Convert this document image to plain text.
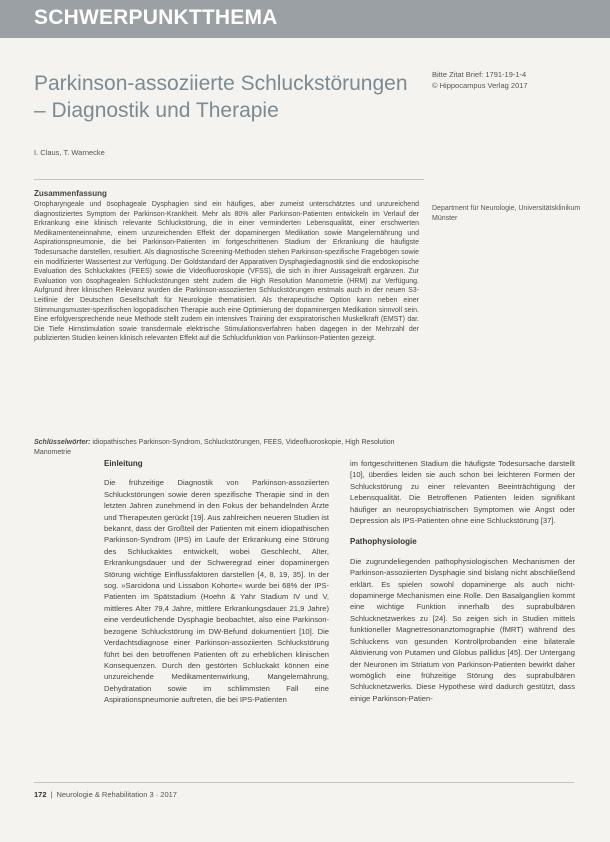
SCHWERPUNKTTHEMA
Parkinson-assoziierte Schluckstörungen – Diagnostik und Therapie
Bitte Zitat Brief: 1791-19-1-4
© Hippocampus Verlag 2017
I. Claus, T. Warnecke
Department für Neurologie, Universitätsklinikum Münster
Zusammenfassung
Oropharyngeale und ösophageale Dysphagien sind ein häufiges, aber zumeist unterschätztes und unzureichend diagnostiziertes Symptom der Parkinson-Krankheit. Mehr als 80% aller Parkinson-Patienten entwickeln im Verlauf der Erkrankung eine klinisch relevante Schluckstörung, die in einer verminderten Lebensqualität, einer erschwerten Medikamenteneinnahme, einem unzureichenden Effekt der dopaminergen Medikation sowie Mangelernährung und Aspirationspneumonie, die bei Parkinson-Patienten im fortgeschrittenen Stadium der Erkrankung die häufigste Todesursache darstellen, resultiert. Als diagnostische Screening-Methoden stehen Parkinson-spezifische Fragebögen sowie ein modifizierter Wassertest zur Verfügung. Der Goldstandard der Apparativen Dysphagiediagnostik sind die endoskopische Evaluation des Schluckaktes (FEES) sowie die Videofluoroskopie (VFSS), die sich in ihrer Aussagekraft ergänzen. Zur Evaluation von ösophagealen Schluckstörungen steht zudem die High Resolution Manometrie (HRM) zur Verfügung. Aufgrund ihrer klinischen Relevanz wurden die Parkinson-assoziierten Schluckstörungen erstmals auch in der neuen S3-Leitlinie der Deutschen Gesellschaft für Neurologie thematisiert. Als therapeutische Option kann neben einer Stimmungsmuster-spezifischen logopädischen Therapie auch eine Optimierung der dopaminergen Medikation sinnvoll sein. Eine erfolgversprechende neue Methode stellt zudem ein intensives Training der exspiratorischen Muskelkraft (EMST) dar. Die Tiefe Hirnstimulation sowie transdermale elektrische Stimulationsverfahren haben dagegen in der Mehrzahl der publizierten Studien keinen klinisch relevanten Effekt auf die Schluckfunktion von Parkinson-Patienten gezeigt.
Schlüsselwörter: idiopathisches Parkinson-Syndrom, Schluckstörungen, FEES, Videofluoroskopie, High Resolution Manometrie
Einleitung

Die frühzeitige Diagnostik von Parkinson-assoziierten Schluckstörungen sowie deren spezifische Therapie sind in den letzten Jahren zunehmend in den Fokus der behandelnden Ärzte und Therapeuten gerückt [19]. Aus zahlreichen neueren Studien ist bekannt, dass der Großteil der Patienten mit einem idiopathischen Parkinson-Syndrom (IPS) im Laufe der Erkrankung eine Störung des Schluckaktes entwickelt, wobei Geschlecht, Alter, Erkrankungsdauer und der Schweregrad einer dopaminergen Störung wichtige Einflussfaktoren darstellen [4, 8, 19, 35]. In der sog. »Sarcidona und Lissabon Kohorte« wurde bei 68% der IPS-Patienten im Spätstadium (Hoehn & Yahr Stadium IV und V, mittleres Alter 79,4 Jahre, mittlere Erkrankungsdauer 21,9 Jahre) eine verdeutlichende Dysphagie beobachtet, also eine Parkinson-bezogene Schluckstörung im DW-Befund dokumentiert [10]. Die Verdachtsdiagnose einer Parkinson-assoziierten Schluckstörung führt bei den betroffenen Patienten oft zu erheblichen klinischen Konsequenzen. Durch den gestörten Schluckakt können eine unzureichende Medikamentenwirkung, Mangelernährung, Dehydratation sowie im schlimmsten Fall eine Aspirationspneumonie auftreten, die bei IPS-Patienten

im fortgeschrittenen Stadium die häufigste Todesursache darstellt [10], überdies leiden sie auch schon bei leichteren Formen der Schluckstörung zu einer relevanten Beeinträchtigung der Lebensqualität. Die Betroffenen Patienten leiden signifikant häufiger an neuropsychiatrischen Symptomen wie Angst oder Depression als IPS-Patienten ohne eine Schluckstörung [37].

Pathophysiologie

Die zugrundeliegenden pathophysiologischen Mechanismen der Parkinson-assoziierten Dysphagie sind bislang nicht abschließend erklärt. Es spielen sowohl dopaminerge als auch nicht-dopaminerge Mechanismen eine Rolle. Den Basalganglien kommt eine wichtige Funktion innerhalb des suprabulbären Schlucknetzwerkes zu [24]. So zeigen sich in Studien mittels funktioneller Magnetresonanztomographie (fMRT) während des Schluckens von gesunden Kontrollprobanden eine bilaterale Aktivierung von Putamen und Globus pallidus [45]. Der Untergang der Neuronen im Striatum von Parkinson-Patienten bewirkt daher womöglich eine frühzeitige Störung des suprabulbären Schlucknetzwerks. Diese Hypothese wird dadurch gestützt, dass einige Parkinson-Patien-

172 | Neurologie & Rehabilitation 3 · 2017
